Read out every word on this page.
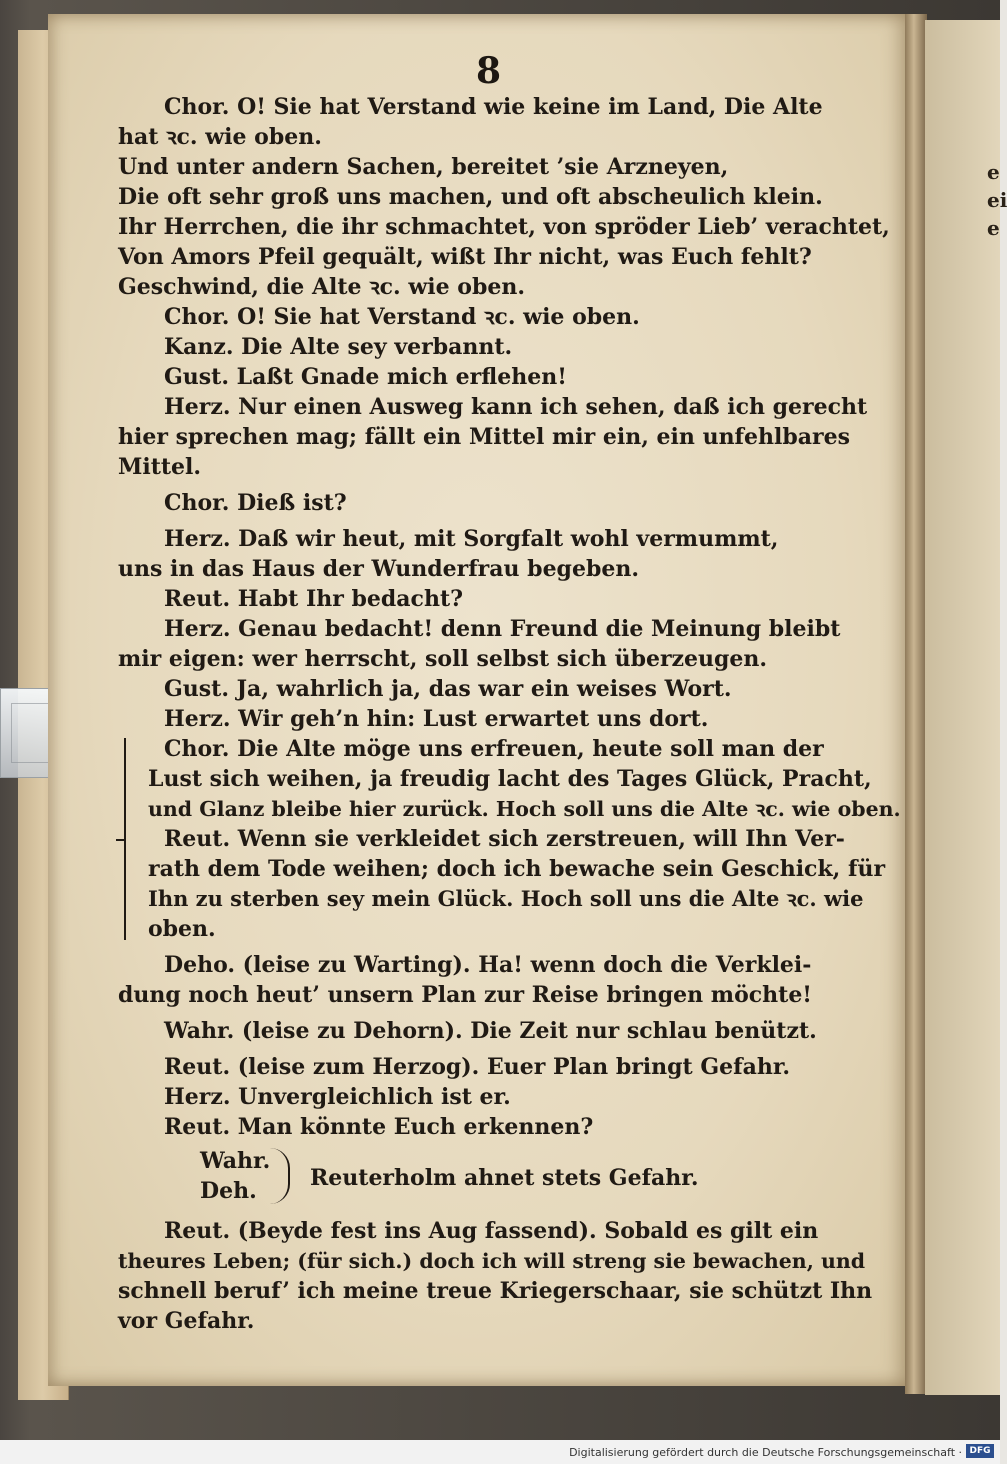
e
ei
e
8
Chor. O! Sie hat Verstand wie keine im Land, Die Alte
hat ꝛc. wie oben.
Und unter andern Sachen, bereitet ’sie Arzneyen,
Die oft sehr groß uns machen, und oft abscheulich klein.
Ihr Herrchen, die ihr schmachtet, von spröder Lieb’ verachtet,
Von Amors Pfeil gequält, wißt Ihr nicht, was Euch fehlt?
Geschwind, die Alte ꝛc. wie oben.
Chor. O! Sie hat Verstand ꝛc. wie oben.
Kanz. Die Alte sey verbannt.
Gust. Laßt Gnade mich erflehen!
Herz. Nur einen Ausweg kann ich sehen, daß ich gerecht
hier sprechen mag; fällt ein Mittel mir ein, ein unfehlbares
Mittel.
Chor. Dieß ist?
Herz. Daß wir heut, mit Sorgfalt wohl vermummt,
uns in das Haus der Wunderfrau begeben.
Reut. Habt Ihr bedacht?
Herz. Genau bedacht! denn Freund die Meinung bleibt
mir eigen: wer herrscht, soll selbst sich überzeugen.
Gust. Ja, wahrlich ja, das war ein weises Wort.
Herz. Wir geh’n hin: Lust erwartet uns dort.
Chor. Die Alte möge uns erfreuen, heute soll man der
Lust sich weihen, ja freudig lacht des Tages Glück, Pracht,
und Glanz bleibe hier zurück. Hoch soll uns die Alte ꝛc. wie oben.
Reut. Wenn sie verkleidet sich zerstreuen, will Ihn Ver-
rath dem Tode weihen; doch ich bewache sein Geschick, für
Ihn zu sterben sey mein Glück. Hoch soll uns die Alte ꝛc. wie
oben.
Deho. (leise zu Warting). Ha! wenn doch die Verklei-
dung noch heut’ unsern Plan zur Reise bringen möchte!
Wahr. (leise zu Dehorn). Die Zeit nur schlau benützt.
Reut. (leise zum Herzog). Euer Plan bringt Gefahr.
Herz. Unvergleichlich ist er.
Reut. Man könnte Euch erkennen?
Wahr.
Deh.	Reuterholm ahnet stets Gefahr.
Reut. (Beyde fest ins Aug fassend). Sobald es gilt ein
theures Leben; (für sich.) doch ich will streng sie bewachen, und
schnell beruf’ ich meine treue Kriegerschaar, sie schützt Ihn
vor Gefahr.
Digitalisierung gefördert durch die Deutsche Forschungsgemeinschaft · DFG
